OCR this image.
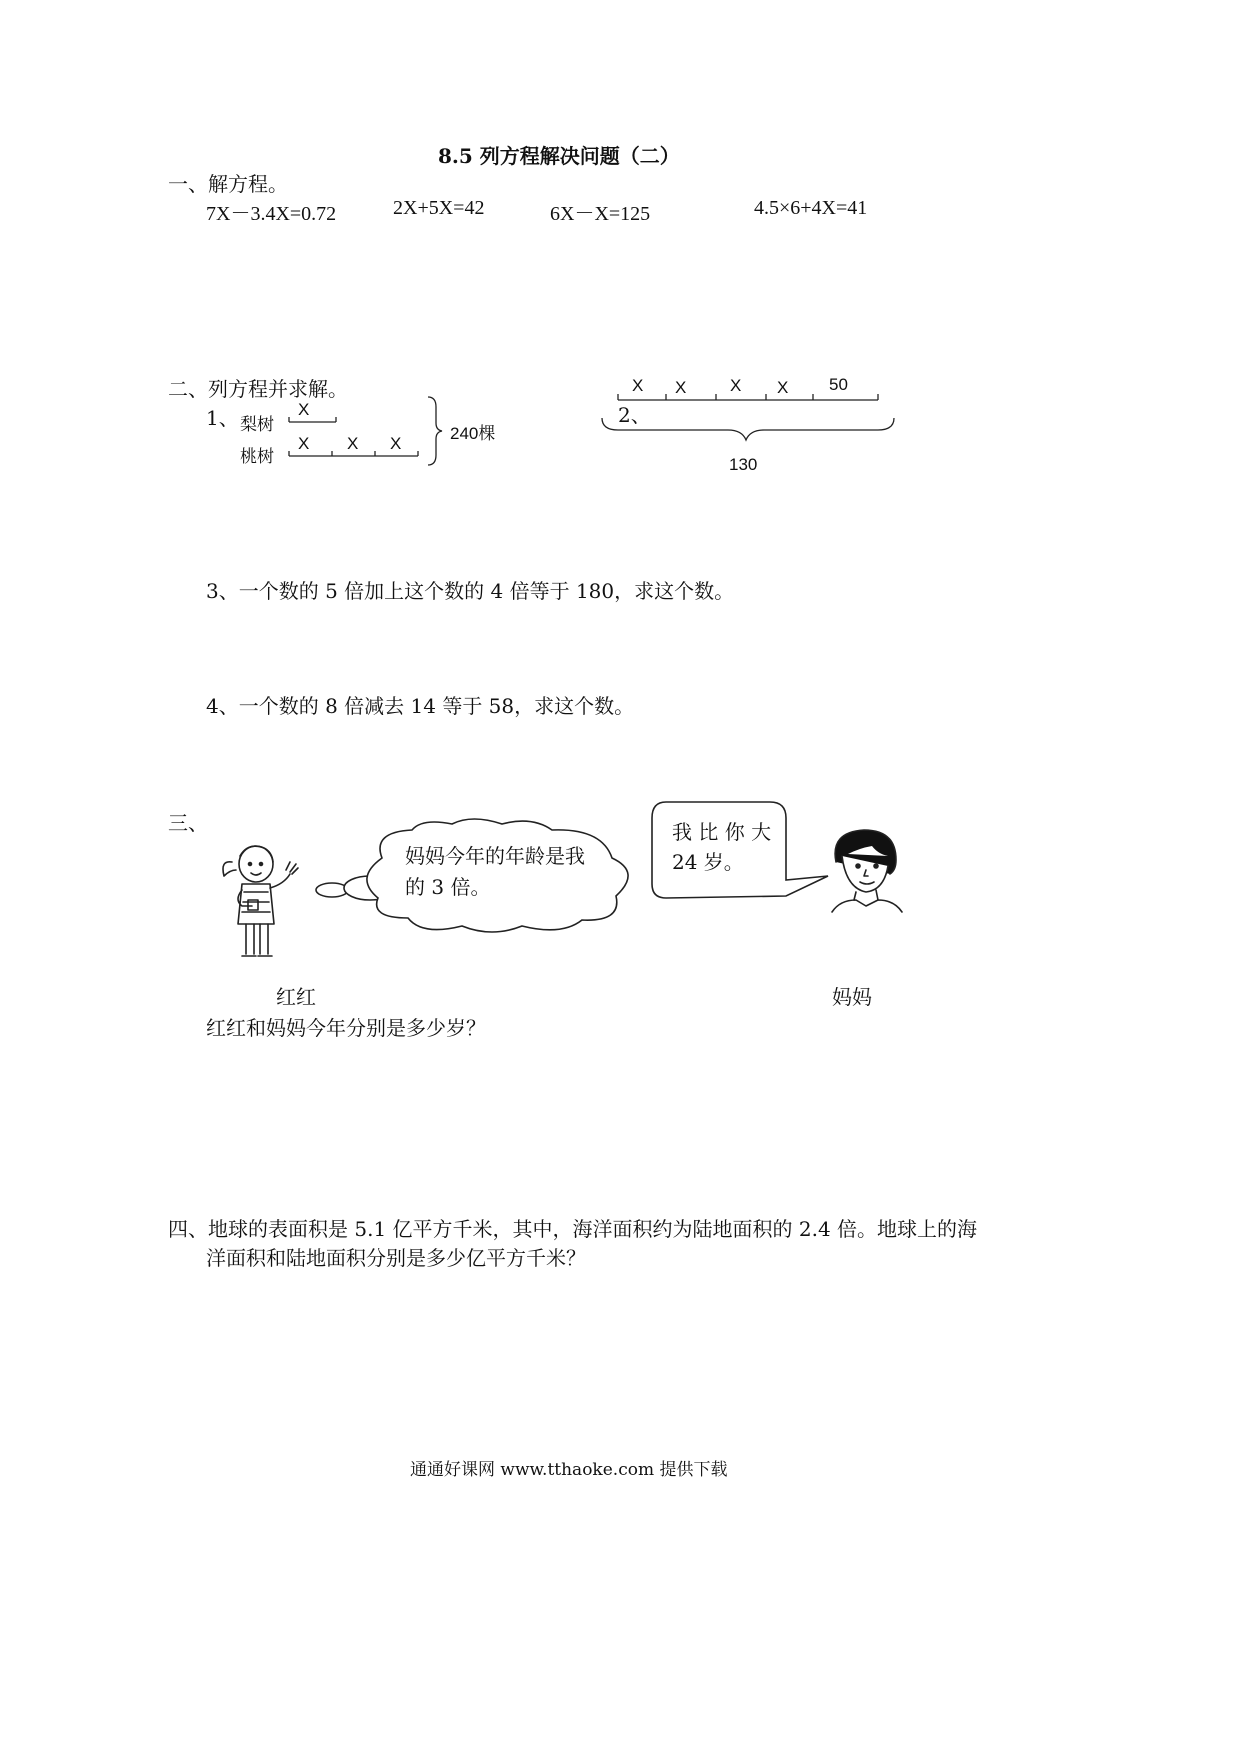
8.5 列方程解决问题（二）
一、解方程。
7X－3.4X=0.72	2X+5X=42	6X－X=125	4.5×6+4X=41
二、列方程并求解。
1、 梨树
桃树
X
X X X
240棵
X X	X X 50
2、
130
3、一个数的 5 倍加上这个数的 4 倍等于 180，求这个数。
4、一个数的 8 倍减去 14 等于 58，求这个数。
三、
妈妈今年的年龄是我
的 3 倍。
我 比 你 大
24 岁。
红红	妈妈
红红和妈妈今年分别是多少岁？
四、地球的表面积是 5.1 亿平方千米，其中，海洋面积约为陆地面积的 2.4 倍。地球上的海
洋面积和陆地面积分别是多少亿平方千米？
通通好课网 www.tthaoke.com 提供下载
